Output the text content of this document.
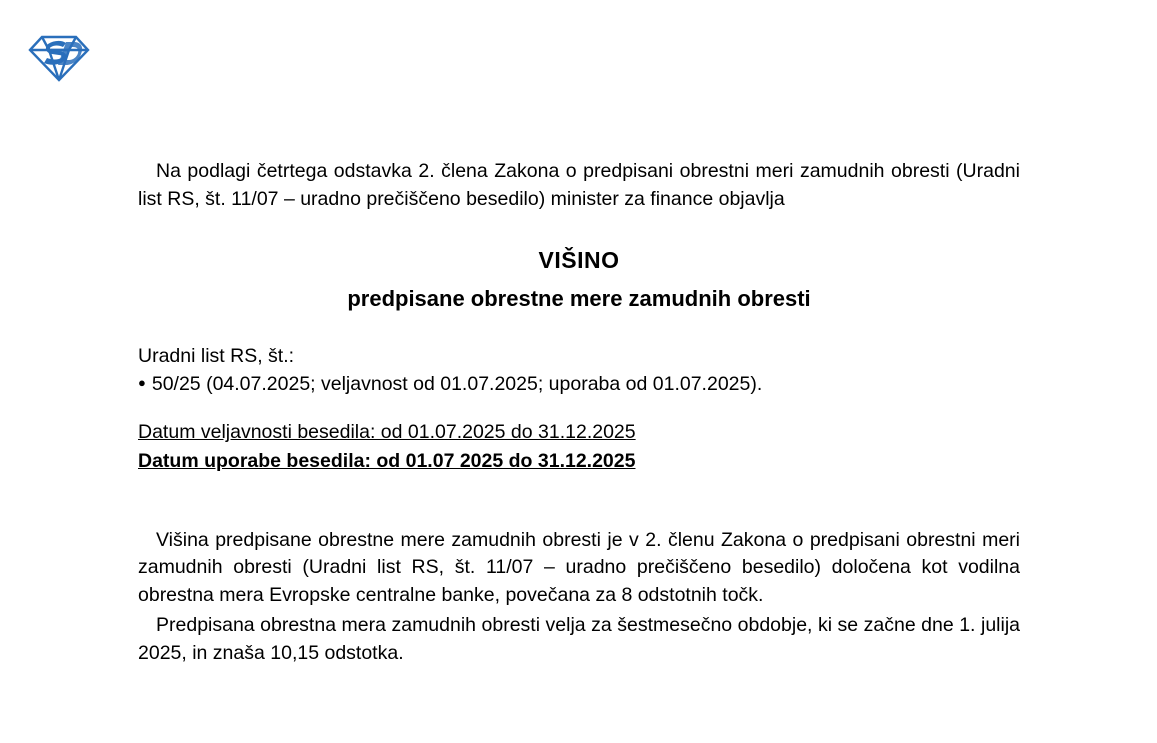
Na podlagi četrtega odstavka 2. člena Zakona o predpisani obrestni meri zamudnih obresti (Uradni list RS, št. 11/07 – uradno prečiščeno besedilo) minister za finance objavlja

VIŠINO
predpisane obrestne mere zamudnih obresti
Uradni list RS, št.:
● 50/25 (04.07.2025; veljavnost od 01.07.2025; uporaba od 01.07.2025).
Datum veljavnosti besedila: od 01.07.2025 do 31.12.2025
Datum uporabe besedila: od 01.07 2025 do 31.12.2025

Višina predpisane obrestne mere zamudnih obresti je v 2. členu Zakona o predpisani obrestni meri zamudnih obresti (Uradni list RS, št. 11/07 – uradno prečiščeno besedilo) določena kot vodilna obrestna mera Evropske centralne banke, povečana za 8 odstotnih točk.

Predpisana obrestna mera zamudnih obresti velja za šestmesečno obdobje, ki se začne dne 1. julija 2025, in znaša 10,15 odstotka.
